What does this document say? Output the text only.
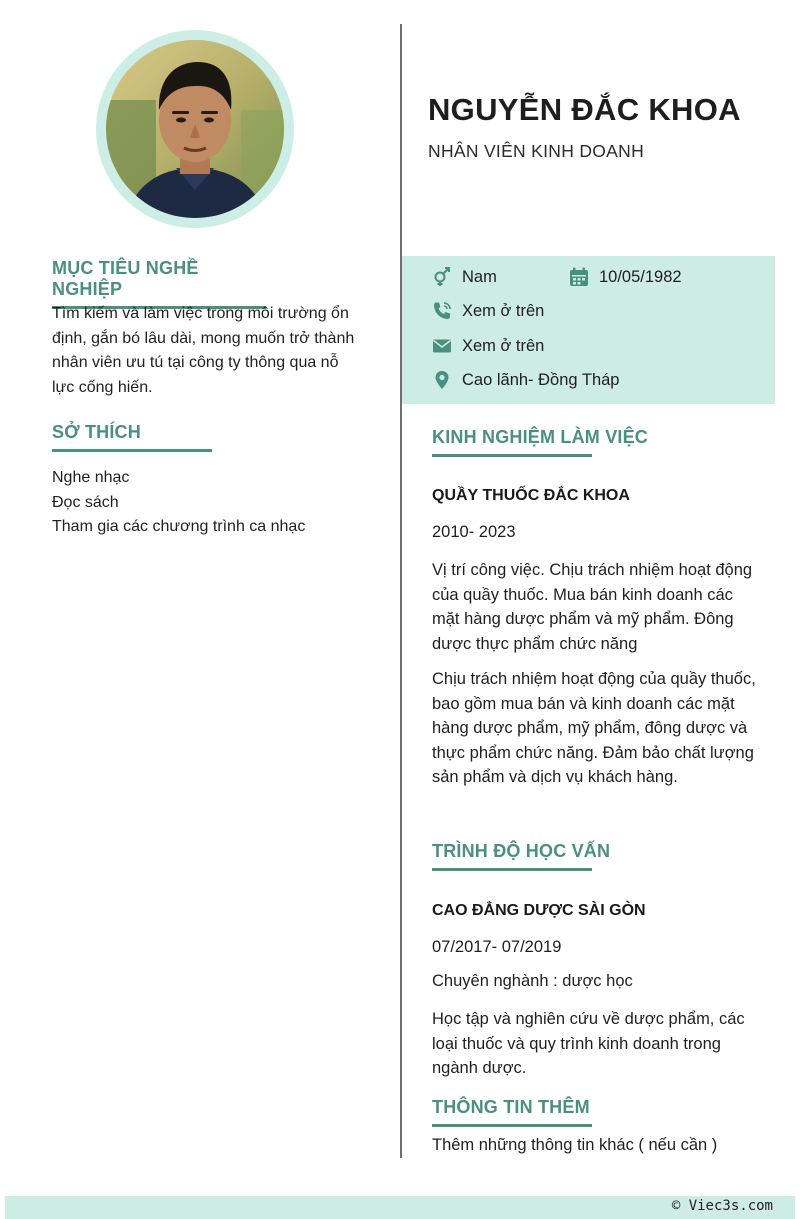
MỤC TIÊU NGHỀ NGHIỆP

Tìm kiếm và làm việc trong môi trường ổn định, gắn bó lâu dài, mong muốn trở thành nhân viên ưu tú tại công ty thông qua nỗ lực cống hiến.

SỞ THÍCH
Nghe nhạc
Đọc sách
Tham gia các chương trình ca nhạc
NGUYỄN ĐẮC KHOA
NHÂN VIÊN KINH DOANH
Nam	10/05/1982
Xem ở trên
Xem ở trên
Cao lãnh- Đồng Tháp
KINH NGHIỆM LÀM VIỆC
QUẦY THUỐC ĐẮC KHOA
2010- 2023

Vị trí công việc. Chịu trách nhiệm hoạt động của quầy thuốc. Mua bán kinh doanh các mặt hàng dược phẩm và mỹ phẩm. Đông dược thực phẩm chức năng

Chịu trách nhiệm hoạt động của quầy thuốc, bao gồm mua bán và kinh doanh các mặt hàng dược phẩm, mỹ phẩm, đông dược và thực phẩm chức năng. Đảm bảo chất lượng sản phẩm và dịch vụ khách hàng.

TRÌNH ĐỘ HỌC VẤN
CAO ĐẲNG DƯỢC SÀI GÒN
07/2017- 07/2019
Chuyên nghành : dược học

Học tập và nghiên cứu về dược phẩm, các loại thuốc và quy trình kinh doanh trong ngành dược.

THÔNG TIN THÊM
Thêm những thông tin khác ( nếu cần )
© Viec3s.com
